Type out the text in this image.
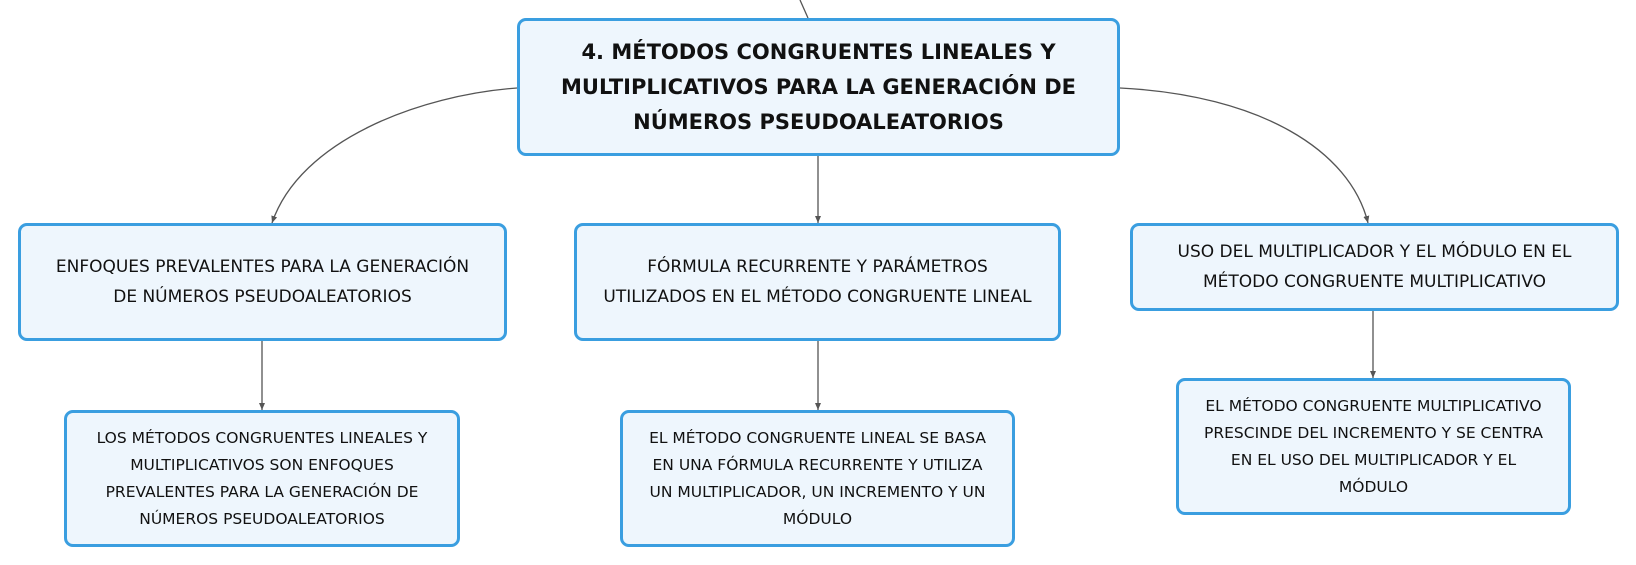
4. MÉTODOS CONGRUENTES LINEALES Y
MULTIPLICATIVOS PARA LA GENERACIÓN DE
NÚMEROS PSEUDOALEATORIOS
ENFOQUES PREVALENTES PARA LA GENERACIÓN
DE NÚMEROS PSEUDOALEATORIOS
FÓRMULA RECURRENTE Y PARÁMETROS
UTILIZADOS EN EL MÉTODO CONGRUENTE LINEAL
USO DEL MULTIPLICADOR Y EL MÓDULO EN EL
MÉTODO CONGRUENTE MULTIPLICATIVO
LOS MÉTODOS CONGRUENTES LINEALES Y
MULTIPLICATIVOS SON ENFOQUES
PREVALENTES PARA LA GENERACIÓN DE
NÚMEROS PSEUDOALEATORIOS
EL MÉTODO CONGRUENTE LINEAL SE BASA
EN UNA FÓRMULA RECURRENTE Y UTILIZA
UN MULTIPLICADOR, UN INCREMENTO Y UN
MÓDULO
EL MÉTODO CONGRUENTE MULTIPLICATIVO
PRESCINDE DEL INCREMENTO Y SE CENTRA
EN EL USO DEL MULTIPLICADOR Y EL
MÓDULO
